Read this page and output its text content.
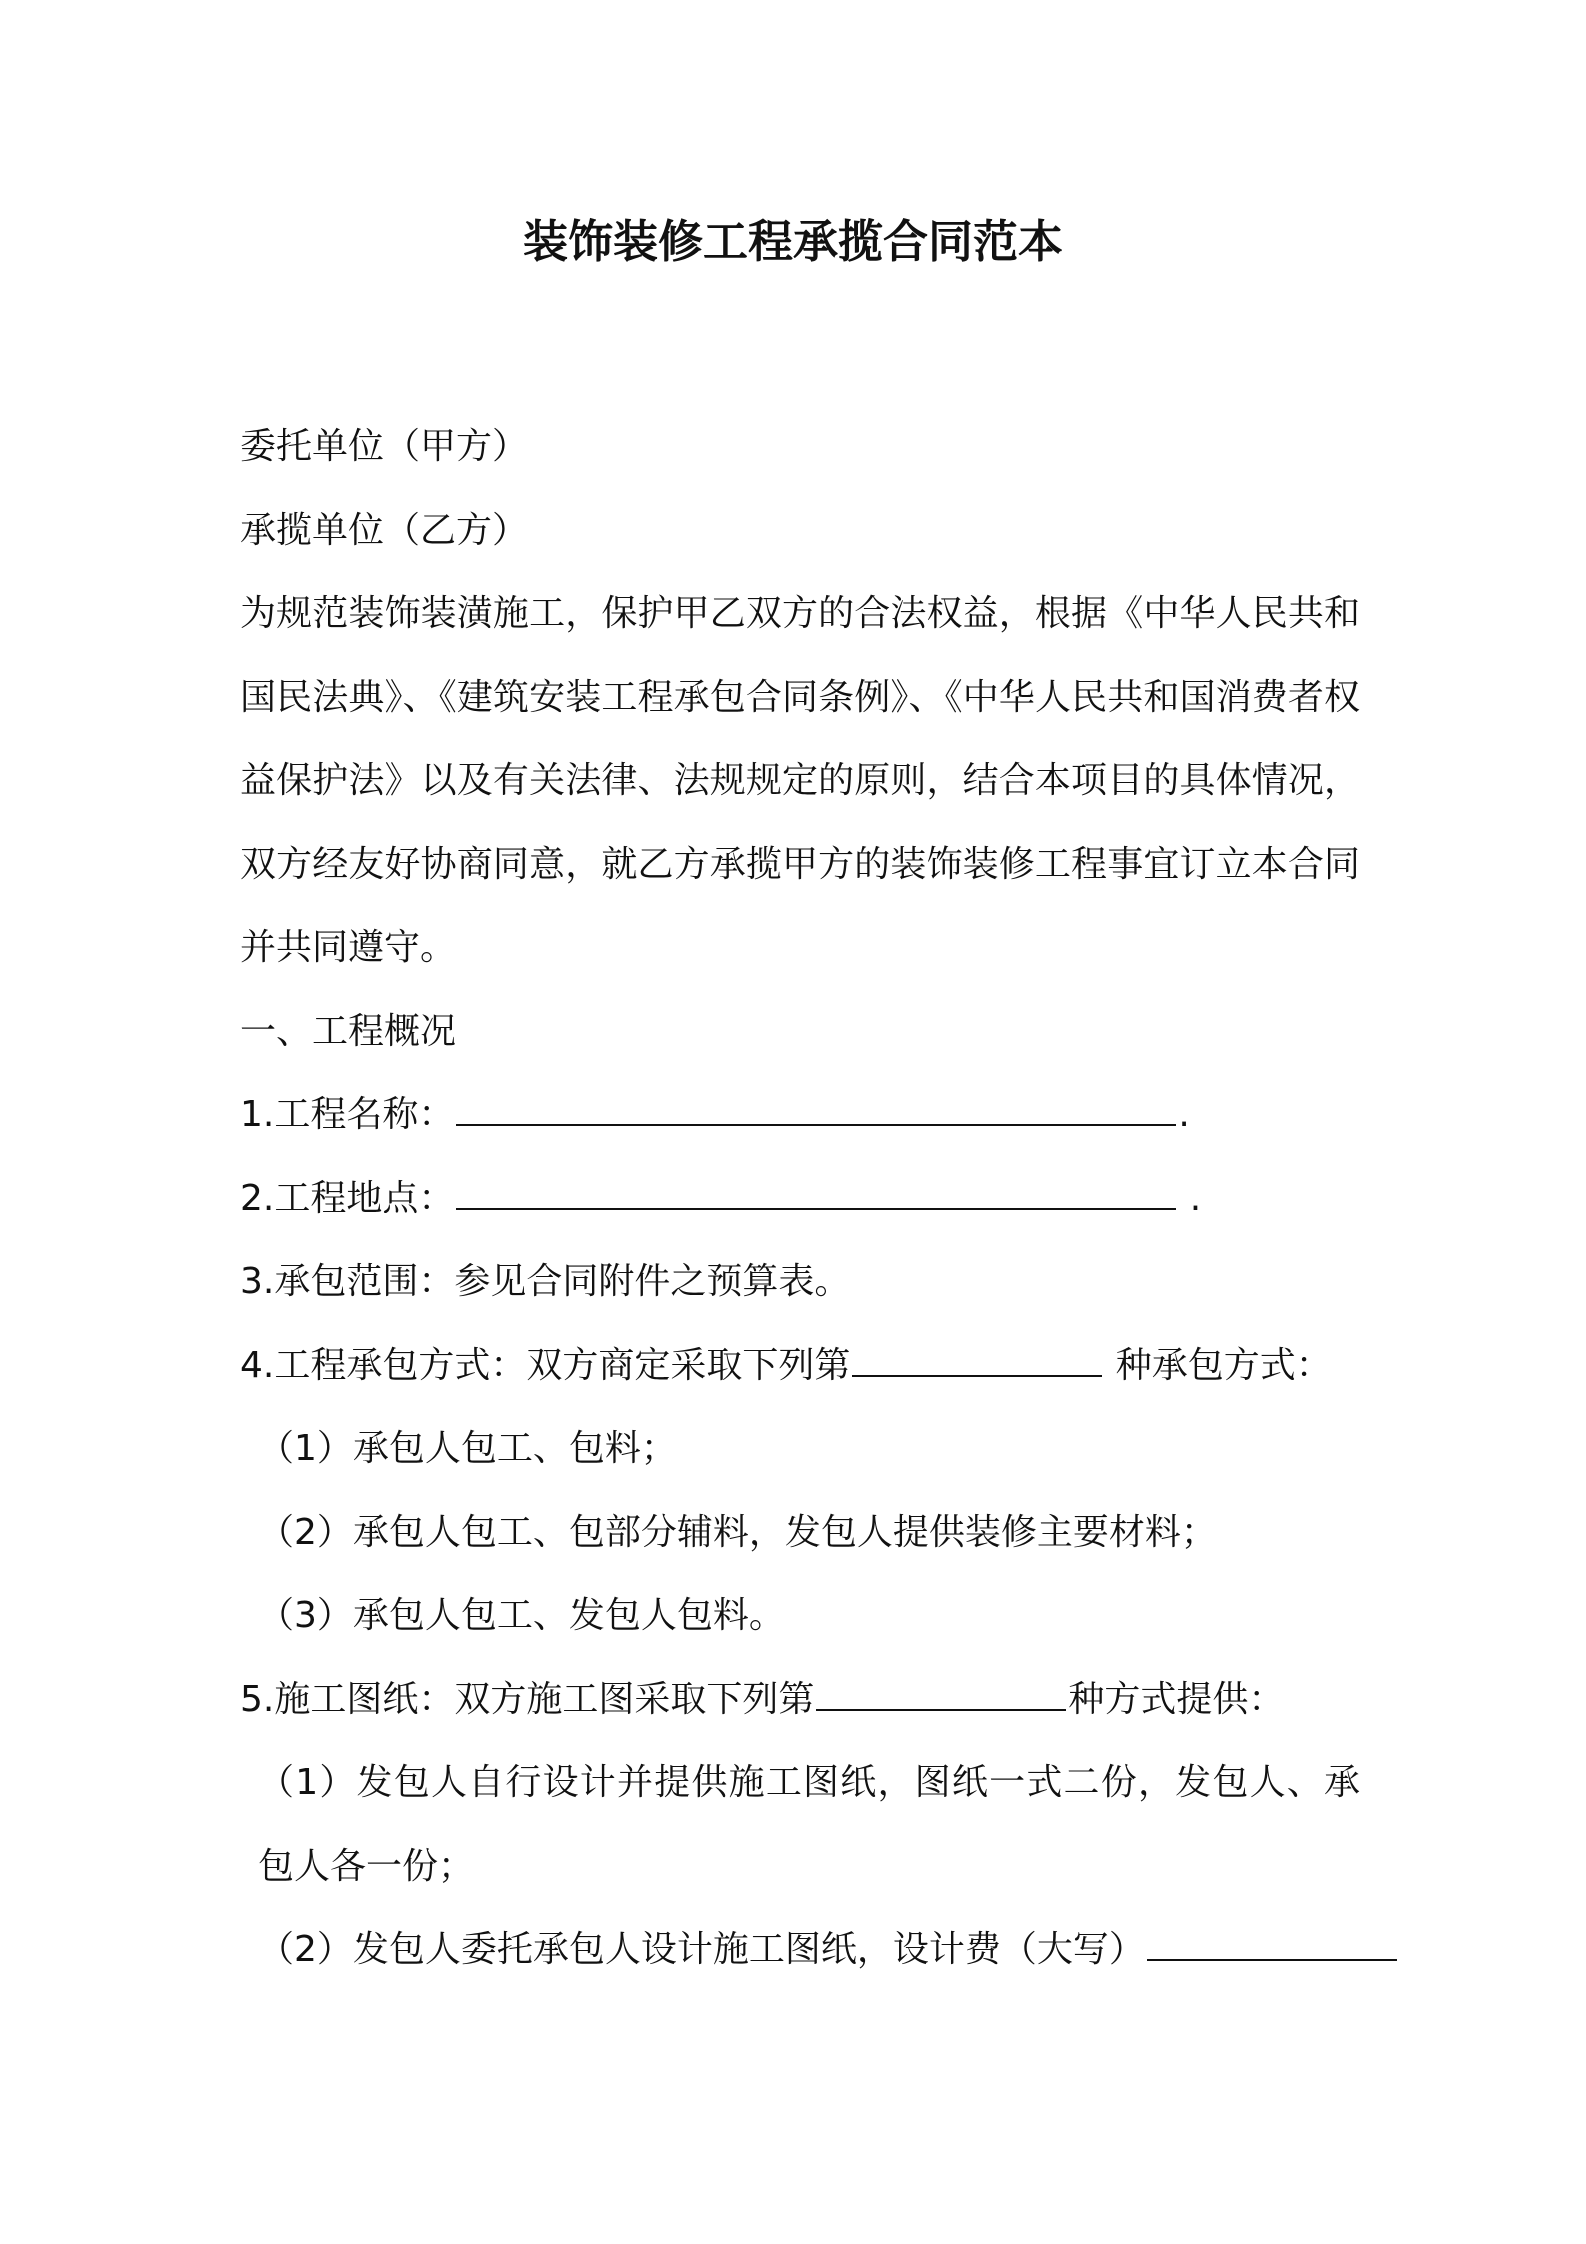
装饰装修工程承揽合同范本
委托单位（甲方）
承揽单位（乙方）
为规范装饰装潢施工，保护甲乙双方的合法权益，根据《中华人民共和国民法典》、《建筑安装工程承包合同条例》、《中华人民共和国消费者权益保护法》以及有关法律、法规规定的原则，结合本项目的具体情况，双方经友好协商同意，就乙方承揽甲方的装饰装修工程事宜订立本合同并共同遵守。
一、工程概况
1.工程名称：	.
2.工程地点：	.
3.承包范围：参见合同附件之预算表。
4.工程承包方式：双方商定采取下列第	种承包方式：
（1）承包人包工、包料；
（2）承包人包工、包部分辅料，发包人提供装修主要材料；
（3）承包人包工、发包人包料。
5.施工图纸：双方施工图采取下列第	种方式提供：
（1）发包人自行设计并提供施工图纸，图纸一式二份，发包人、承包人各一份；
（2）发包人委托承包人设计施工图纸，设计费（大写）
